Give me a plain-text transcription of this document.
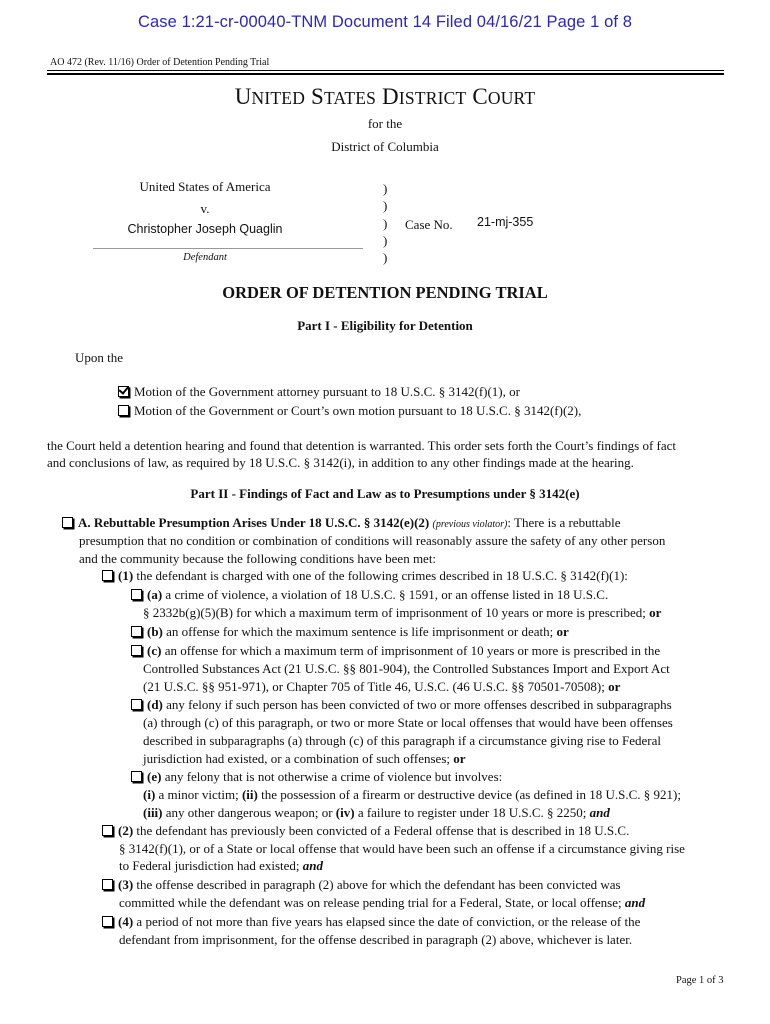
Case 1:21-cr-00040-TNM Document 14 Filed 04/16/21 Page 1 of 8
AO 472 (Rev. 11/16) Order of Detention Pending Trial
UNITED STATES DISTRICT COURT
for the
District of Columbia
United States of America
v.
Christopher Joseph Quaglin
Defendant
)
)
)
)
)
Case No. 21-mj-355
ORDER OF DETENTION PENDING TRIAL
Part I - Eligibility for Detention
Upon the
Motion of the Government attorney pursuant to 18 U.S.C. § 3142(f)(1), or
Motion of the Government or Court’s own motion pursuant to 18 U.S.C. § 3142(f)(2),
the Court held a detention hearing and found that detention is warranted. This order sets forth the Court’s findings of fact
and conclusions of law, as required by 18 U.S.C. § 3142(i), in addition to any other findings made at the hearing.
Part II - Findings of Fact and Law as to Presumptions under § 3142(e)
A. Rebuttable Presumption Arises Under 18 U.S.C. § 3142(e)(2) (previous violator): There is a rebuttable
presumption that no condition or combination of conditions will reasonably assure the safety of any other person
and the community because the following conditions have been met:
(1) the defendant is charged with one of the following crimes described in 18 U.S.C. § 3142(f)(1):
(a) a crime of violence, a violation of 18 U.S.C. § 1591, or an offense listed in 18 U.S.C.
§ 2332b(g)(5)(B) for which a maximum term of imprisonment of 10 years or more is prescribed; or
(b) an offense for which the maximum sentence is life imprisonment or death; or
(c) an offense for which a maximum term of imprisonment of 10 years or more is prescribed in the
Controlled Substances Act (21 U.S.C. §§ 801-904), the Controlled Substances Import and Export Act
(21 U.S.C. §§ 951-971), or Chapter 705 of Title 46, U.S.C. (46 U.S.C. §§ 70501-70508); or
(d) any felony if such person has been convicted of two or more offenses described in subparagraphs
(a) through (c) of this paragraph, or two or more State or local offenses that would have been offenses
described in subparagraphs (a) through (c) of this paragraph if a circumstance giving rise to Federal
jurisdiction had existed, or a combination of such offenses; or
(e) any felony that is not otherwise a crime of violence but involves:
(i) a minor victim; (ii) the possession of a firearm or destructive device (as defined in 18 U.S.C. § 921);
(iii) any other dangerous weapon; or (iv) a failure to register under 18 U.S.C. § 2250; and
(2) the defendant has previously been convicted of a Federal offense that is described in 18 U.S.C.
§ 3142(f)(1), or of a State or local offense that would have been such an offense if a circumstance giving rise
to Federal jurisdiction had existed; and
(3) the offense described in paragraph (2) above for which the defendant has been convicted was
committed while the defendant was on release pending trial for a Federal, State, or local offense; and
(4) a period of not more than five years has elapsed since the date of conviction, or the release of the
defendant from imprisonment, for the offense described in paragraph (2) above, whichever is later.
Page 1 of 3
